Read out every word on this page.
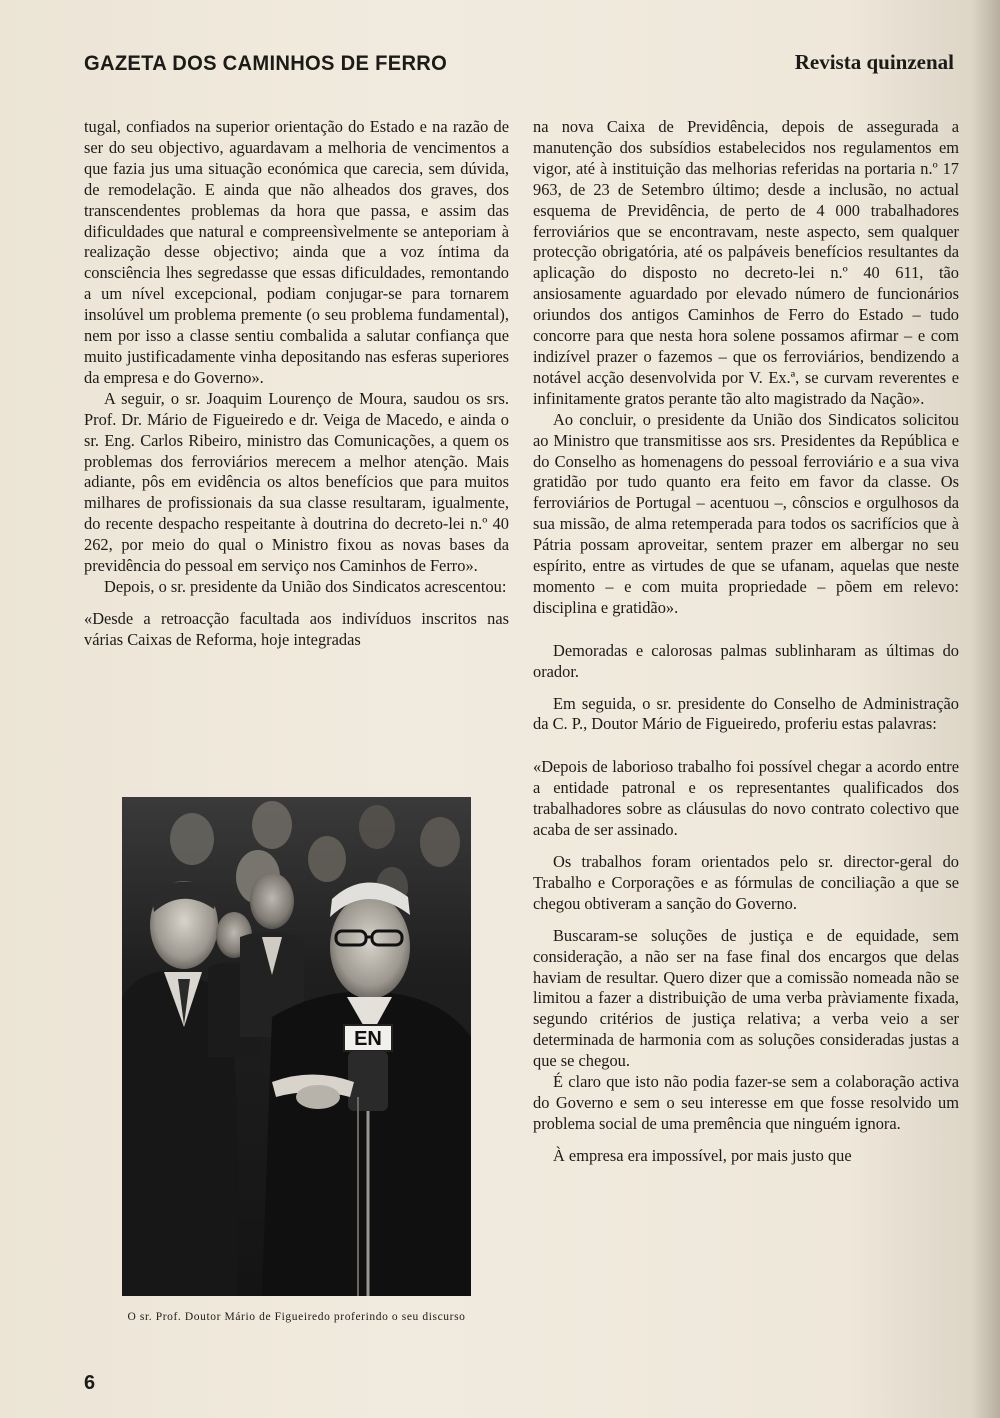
GAZETA DOS CAMINHOS DE FERRO	Revista quinzenal

tugal, confiados na superior orientação do Estado e na razão de ser do seu objectivo, aguardavam a melhoria de vencimentos a que fazia jus uma situação económica que carecia, sem dúvida, de remodelação. E ainda que não alheados dos graves, dos transcendentes problemas da hora que passa, e assim das dificuldades que natural e compreensìvelmente se anteporiam à realização desse objectivo; ainda que a voz íntima da consciência lhes segredasse que essas dificuldades, remontando a um nível excepcional, podiam conjugar-se para tornarem insolúvel um problema premente (o seu problema fundamental), nem por isso a classe sentiu combalida a salutar confiança que muito justificadamente vinha depositando nas esferas superiores da empresa e do Governo».

A seguir, o sr. Joaquim Lourenço de Moura, saudou os srs. Prof. Dr. Mário de Figueiredo e dr. Veiga de Macedo, e ainda o sr. Eng. Carlos Ribeiro, ministro das Comunicações, a quem os problemas dos ferroviários merecem a melhor atenção. Mais adiante, pôs em evidência os altos benefícios que para muitos milhares de profissionais da sua classe resultaram, igualmente, do recente despacho respeitante à doutrina do decreto-lei n.º 40 262, por meio do qual o Ministro fixou as novas bases da previdência do pessoal em serviço nos Caminhos de Ferro».

Depois, o sr. presidente da União dos Sindicatos acrescentou:

«Desde a retroacção facultada aos indivíduos inscritos nas várias Caixas de Reforma, hoje integradas

EN
O sr. Prof. Doutor Mário de Figueiredo proferindo o seu discurso

na nova Caixa de Previdência, depois de assegurada a manutenção dos subsídios estabelecidos nos regulamentos em vigor, até à instituição das melhorias referidas na portaria n.º 17 963, de 23 de Setembro último; desde a inclusão, no actual esquema de Previdência, de perto de 4 000 trabalhadores ferroviários que se encontravam, neste aspecto, sem qualquer protecção obrigatória, até os palpáveis benefícios resultantes da aplicação do disposto no decreto-lei n.º 40 611, tão ansiosamente aguardado por elevado número de funcionários oriundos dos antigos Caminhos de Ferro do Estado – tudo concorre para que nesta hora solene possamos afirmar – e com indizível prazer o fazemos – que os ferroviários, bendizendo a notável acção desenvolvida por V. Ex.ª, se curvam reverentes e infinitamente gratos perante tão alto magistrado da Nação».

Ao concluir, o presidente da União dos Sindicatos solicitou ao Ministro que transmitisse aos srs. Presidentes da República e do Conselho as homenagens do pessoal ferroviário e a sua viva gratidão por tudo quanto era feito em favor da classe. Os ferroviários de Portugal – acentuou –, cônscios e orgulhosos da sua missão, de alma retemperada para todos os sacrifícios que à Pátria possam aproveitar, sentem prazer em albergar no seu espírito, entre as virtudes de que se ufanam, aquelas que neste momento – e com muita propriedade – põem em relevo: disciplina e gratidão».

Demoradas e calorosas palmas sublinharam as últimas do orador.

Em seguida, o sr. presidente do Conselho de Administração da C. P., Doutor Mário de Figueiredo, proferiu estas palavras:

«Depois de laborioso trabalho foi possível chegar a acordo entre a entidade patronal e os representantes qualificados dos trabalhadores sobre as cláusulas do novo contrato colectivo que acaba de ser assinado.

Os trabalhos foram orientados pelo sr. director-geral do Trabalho e Corporações e as fórmulas de conciliação a que se chegou obtiveram a sanção do Governo.

Buscaram-se soluções de justiça e de equidade, sem consideração, a não ser na fase final dos encargos que delas haviam de resultar. Quero dizer que a comissão nomeada não se limitou a fazer a distribuição de uma verba pràviamente fixada, segundo critérios de justiça relativa; a verba veio a ser determinada de harmonia com as soluções consideradas justas a que se chegou.

É claro que isto não podia fazer-se sem a colaboração activa do Governo e sem o seu interesse em que fosse resolvido um problema social de uma premência que ninguém ignora.

À empresa era impossível, por mais justo que

6
